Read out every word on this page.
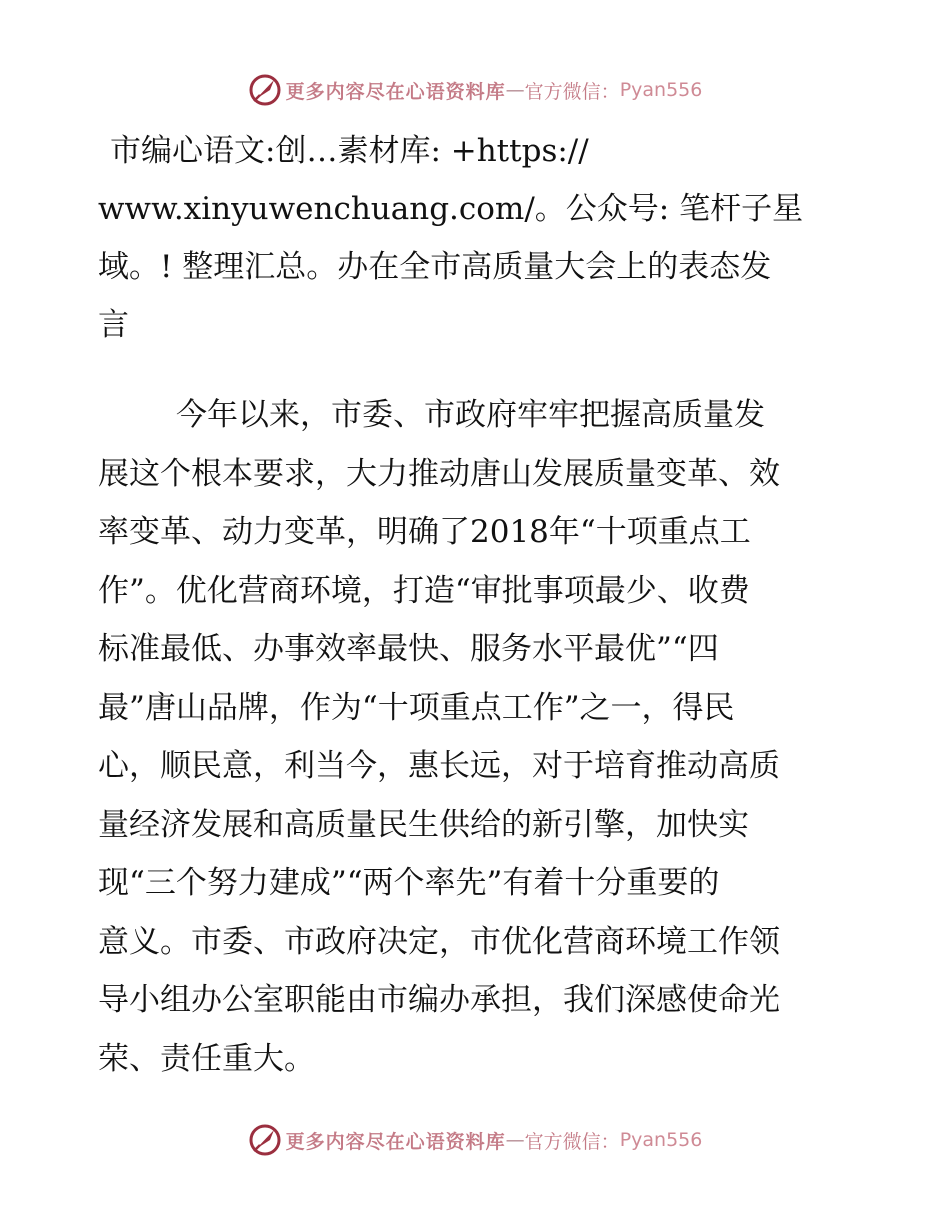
更多内容尽在心语资料库 — 官方微信： Pyan556
市编心语文:创…素材库: +https://
www.xinyuwenchuang.com/。公众号: 笔杆子星
域。! 整理汇总。办在全市高质量大会上的表态发
言
今年以来，市委、市政府牢牢把握高质量发
展这个根本要求，大力推动唐山发展质量变革、效
率变革、动力变革，明确了2018年“十项重点工
作”。优化营商环境，打造“审批事项最少、收费
标准最低、办事效率最快、服务水平最优”“四
最”唐山品牌，作为“十项重点工作”之一，得民
心，顺民意，利当今，惠长远，对于培育推动高质
量经济发展和高质量民生供给的新引擎，加快实
现“三个努力建成”“两个率先”有着十分重要的
意义。市委、市政府决定，市优化营商环境工作领
导小组办公室职能由市编办承担，我们深感使命光
荣、责任重大。
更多内容尽在心语资料库 — 官方微信： Pyan556
